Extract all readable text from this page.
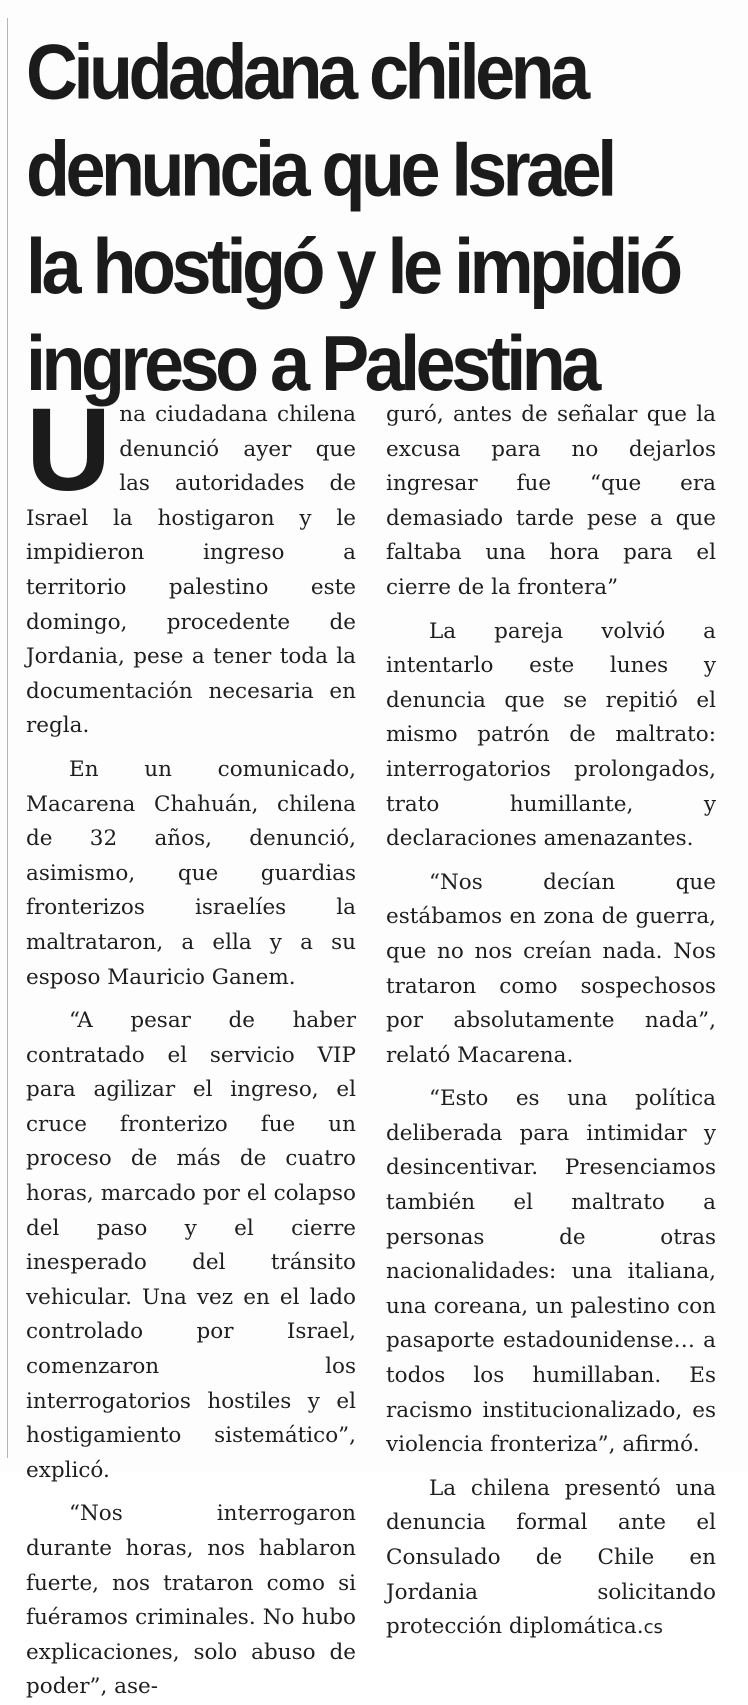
Ciudadana chilena
denuncia que Israel
la hostigó y le impidió
ingreso a Palestina

Una ciudadana chilena denunció ayer que las autoridades de Israel la hostigaron y le impidieron ingreso a territorio palestino este domingo, procedente de Jordania, pese a tener toda la documentación necesaria en regla.

En un comunicado, Macarena Chahuán, chilena de 32 años, denunció, asimismo, que guardias fronterizos israelíes la maltrataron, a ella y a su esposo Mauricio Ganem.

“A pesar de haber contratado el servicio VIP para agilizar el ingreso, el cruce fronterizo fue un proceso de más de cuatro horas, marcado por el colapso del paso y el cierre inesperado del tránsito vehicular. Una vez en el lado controlado por Israel, comenzaron los interrogatorios hostiles y el hostigamiento sistemático”, explicó.

“Nos interrogaron durante horas, nos hablaron fuerte, nos trataron como si fuéramos criminales. No hubo explicaciones, solo abuso de poder”, ase-

guró, antes de señalar que la excusa para no dejarlos ingresar fue “que era demasiado tarde pese a que faltaba una hora para el cierre de la frontera”

La pareja volvió a intentarlo este lunes y denuncia que se repitió el mismo patrón de maltrato: interrogatorios prolongados, trato humillante, y declaraciones amenazantes.

“Nos decían que estábamos en zona de guerra, que no nos creían nada. Nos trataron como sospechosos por absolutamente nada”, relató Macarena.

“Esto es una política deliberada para intimidar y desincentivar. Presenciamos también el maltrato a personas de otras nacionalidades: una italiana, una coreana, un palestino con pasaporte estadounidense… a todos los humillaban. Es racismo institucionalizado, es violencia fronteriza”, afirmó.

La chilena presentó una denuncia formal ante el Consulado de Chile en Jordania solicitando protección diplomática.cs
